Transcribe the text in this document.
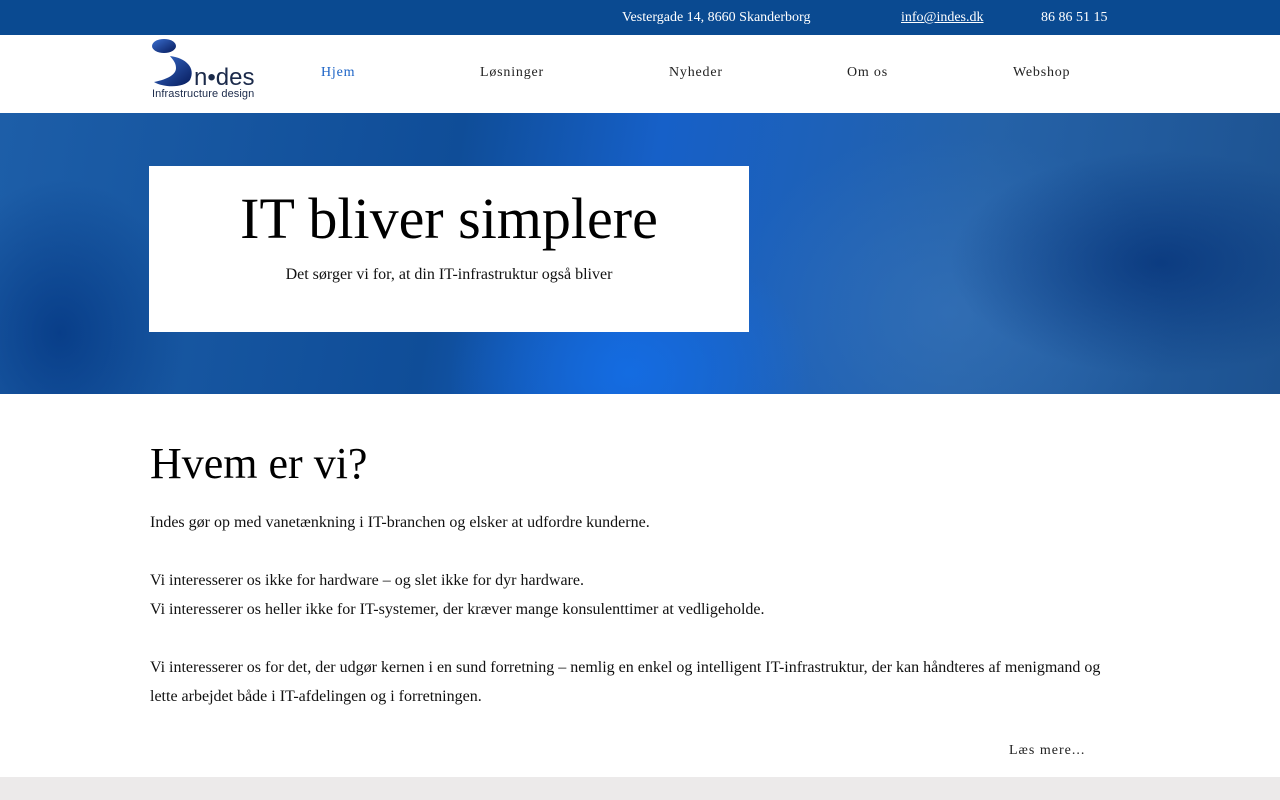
Vestergade 14, 8660 Skanderborg	info@indes.dk	86 86 51 15
n•des
Infrastructure design
Hjem	Løsninger	Nyheder	Om os	Webshop
IT bliver simplere
Det sørger vi for, at din IT-infrastruktur også bliver
Hvem er vi?

Indes gør op med vanetænkning i IT-branchen og elsker at udfordre kunderne.

Vi interesserer os ikke for hardware – og slet ikke for dyr hardware.

Vi interesserer os heller ikke for IT-systemer, der kræver mange konsulenttimer at vedligeholde.

Vi interesserer os for det, der udgør kernen i en sund forretning – nemlig en enkel og intelligent IT-infrastruktur, der kan håndteres af menigmand og lette arbejdet både i IT-afdelingen og i forretningen.

Læs mere...
